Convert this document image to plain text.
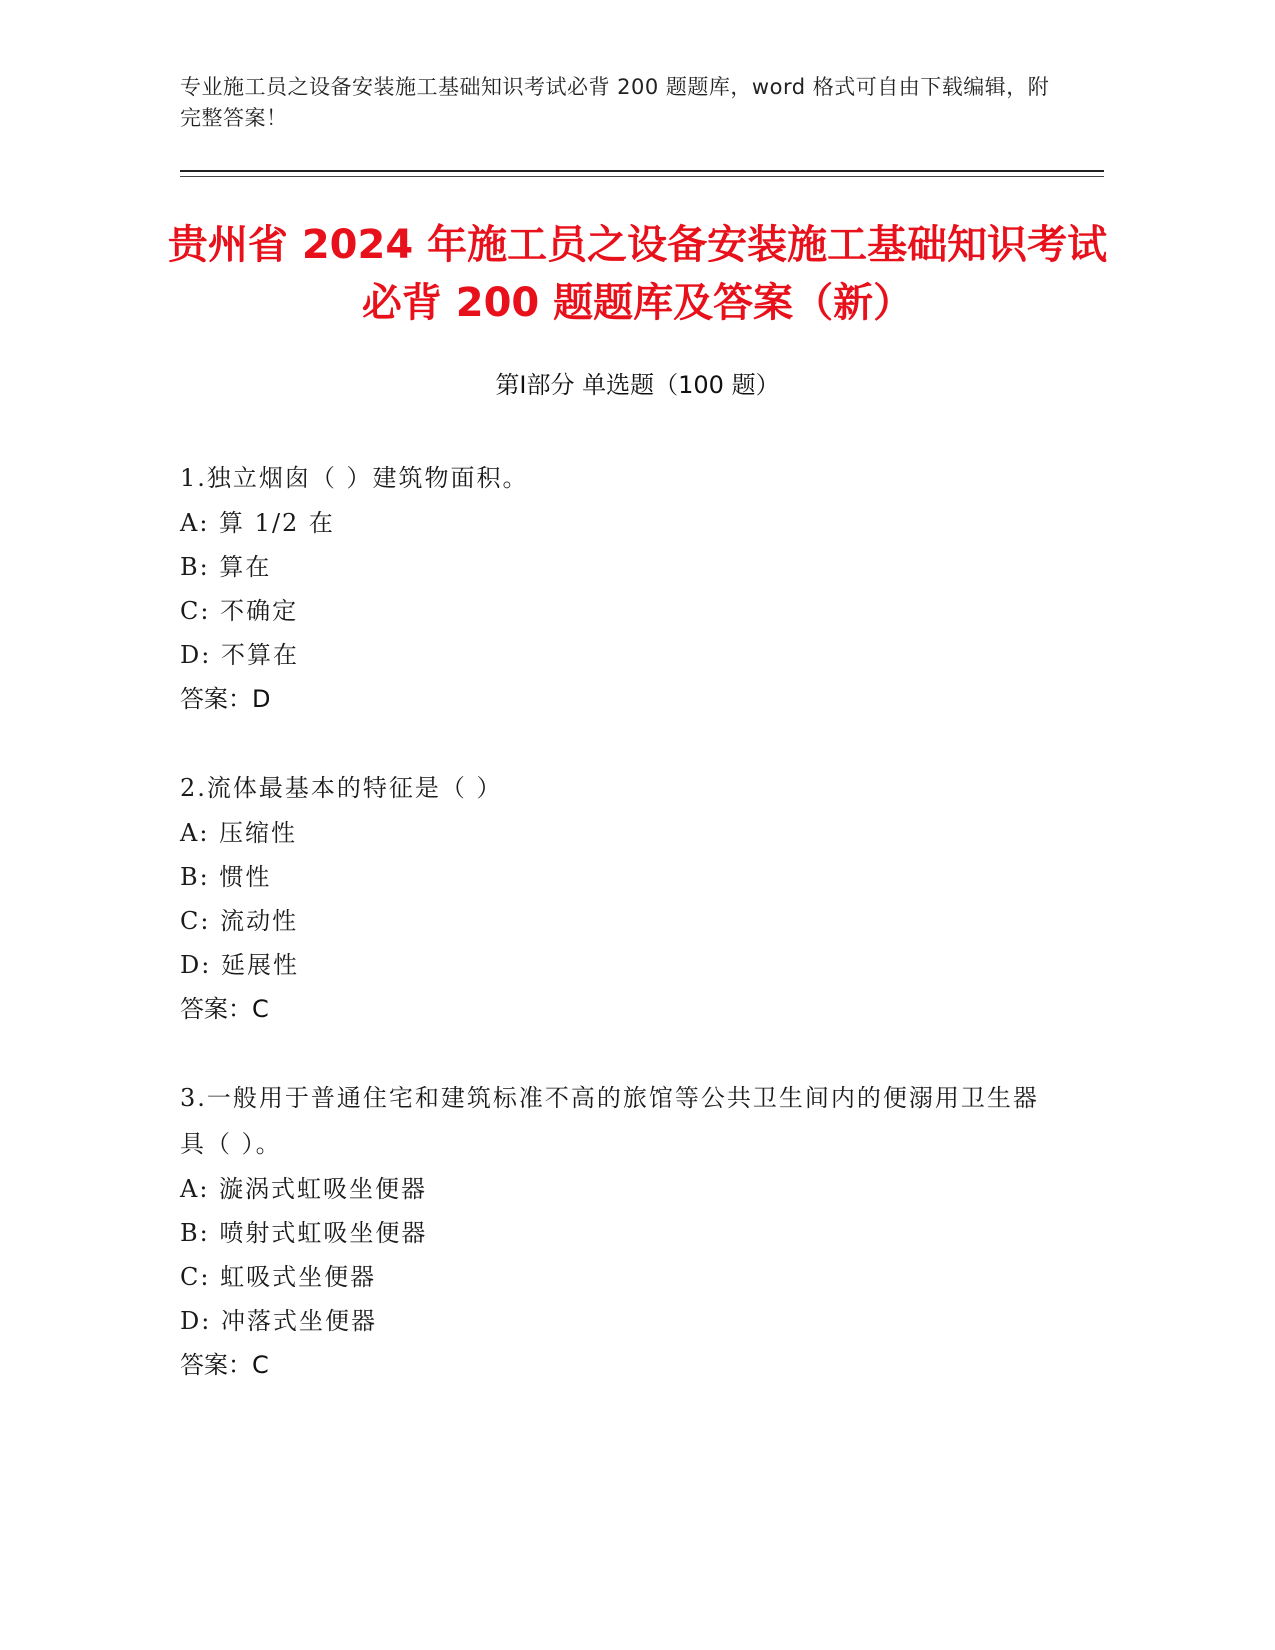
专业施工员之设备安装施工基础知识考试必背 200 题题库，word 格式可自由下载编辑，附完整答案！
贵州省 2024 年施工员之设备安装施工基础知识考试必背 200 题题库及答案（新）
第Ⅰ部分 单选题（100 题）
1.独立烟囱（ ）建筑物面积。
A: 算 1/2 在
B: 算在
C: 不确定
D: 不算在
答案：D
2.流体最基本的特征是（ ）
A: 压缩性
B: 惯性
C: 流动性
D: 延展性
答案：C
3.一般用于普通住宅和建筑标准不高的旅馆等公共卫生间内的便溺用卫生器具（ ）。
A: 漩涡式虹吸坐便器
B: 喷射式虹吸坐便器
C: 虹吸式坐便器
D: 冲落式坐便器
答案：C
